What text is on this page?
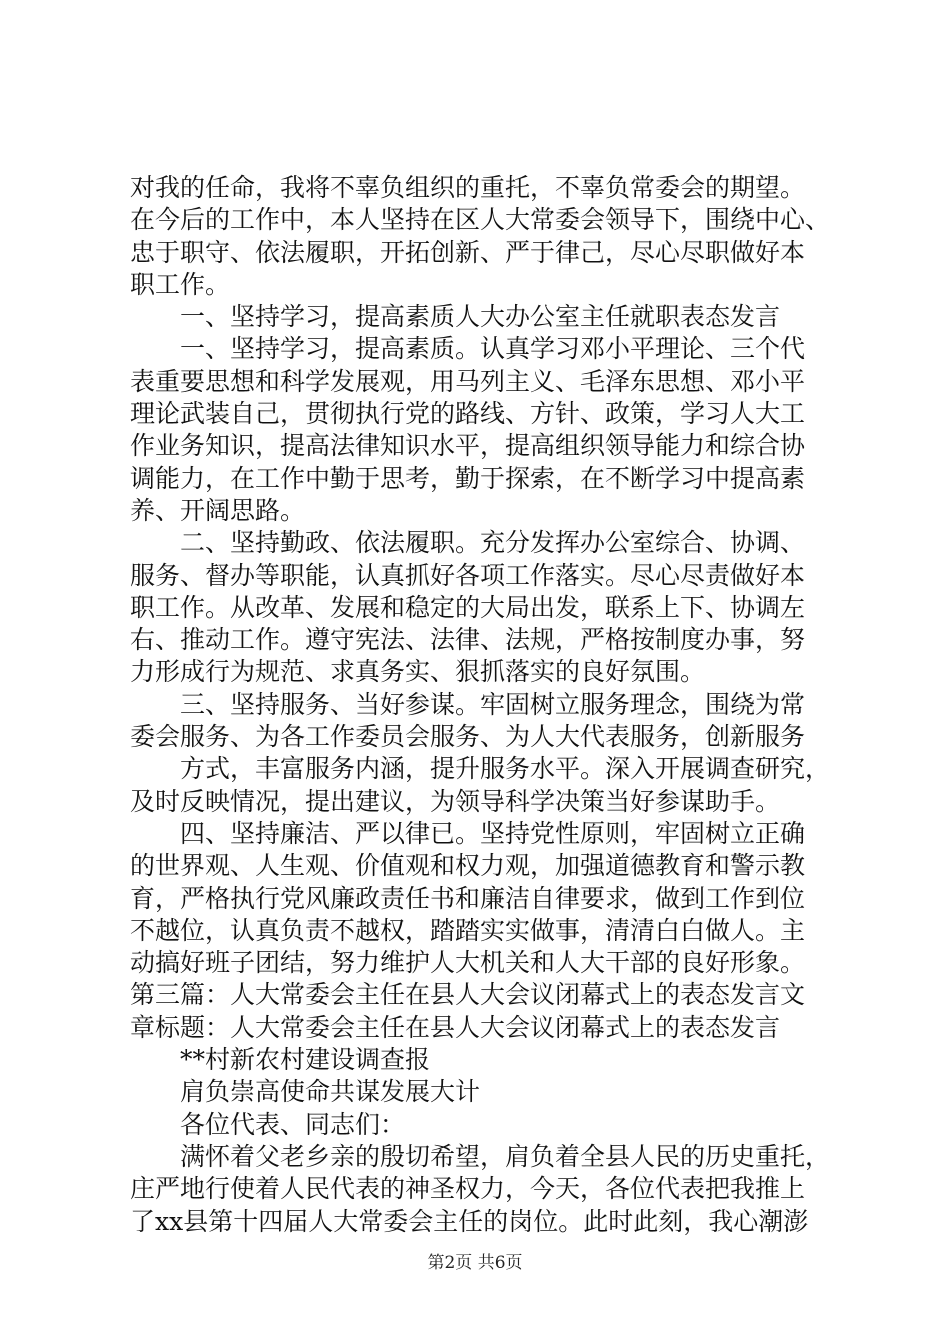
对我的任命，我将不辜负组织的重托，不辜负常委会的期望。
在今后的工作中，本人坚持在区人大常委会领导下，围绕中心、
忠于职守、依法履职，开拓创新、严于律己，尽心尽职做好本
职工作。
一、坚持学习，提高素质人大办公室主任就职表态发言
一、坚持学习，提高素质。认真学习邓小平理论、三个代
表重要思想和科学发展观，用马列主义、毛泽东思想、邓小平
理论武装自己，贯彻执行党的路线、方针、政策，学习人大工
作业务知识，提高法律知识水平，提高组织领导能力和综合协
调能力，在工作中勤于思考，勤于探索，在不断学习中提高素
养、开阔思路。
二、坚持勤政、依法履职。充分发挥办公室综合、协调、
服务、督办等职能，认真抓好各项工作落实。尽心尽责做好本
职工作。从改革、发展和稳定的大局出发，联系上下、协调左
右、推动工作。遵守宪法、法律、法规，严格按制度办事，努
力形成行为规范、求真务实、狠抓落实的良好氛围。
三、坚持服务、当好参谋。牢固树立服务理念，围绕为常
委会服务、为各工作委员会服务、为人大代表服务，创新服务
方式，丰富服务内涵，提升服务水平。深入开展调查研究，
及时反映情况，提出建议，为领导科学决策当好参谋助手。
四、坚持廉洁、严以律已。坚持党性原则，牢固树立正确
的世界观、人生观、价值观和权力观，加强道德教育和警示教
育，严格执行党风廉政责任书和廉洁自律要求，做到工作到位
不越位，认真负责不越权，踏踏实实做事，清清白白做人。主
动搞好班子团结，努力维护人大机关和人大干部的良好形象。
第三篇：人大常委会主任在县人大会议闭幕式上的表态发言文
章标题：人大常委会主任在县人大会议闭幕式上的表态发言
**村新农村建设调查报
肩负崇高使命共谋发展大计
各位代表、同志们：
满怀着父老乡亲的殷切希望，肩负着全县人民的历史重托，
庄严地行使着人民代表的神圣权力，今天，各位代表把我推上
了xx县第十四届人大常委会主任的岗位。此时此刻，我心潮澎
第2页 共6页
